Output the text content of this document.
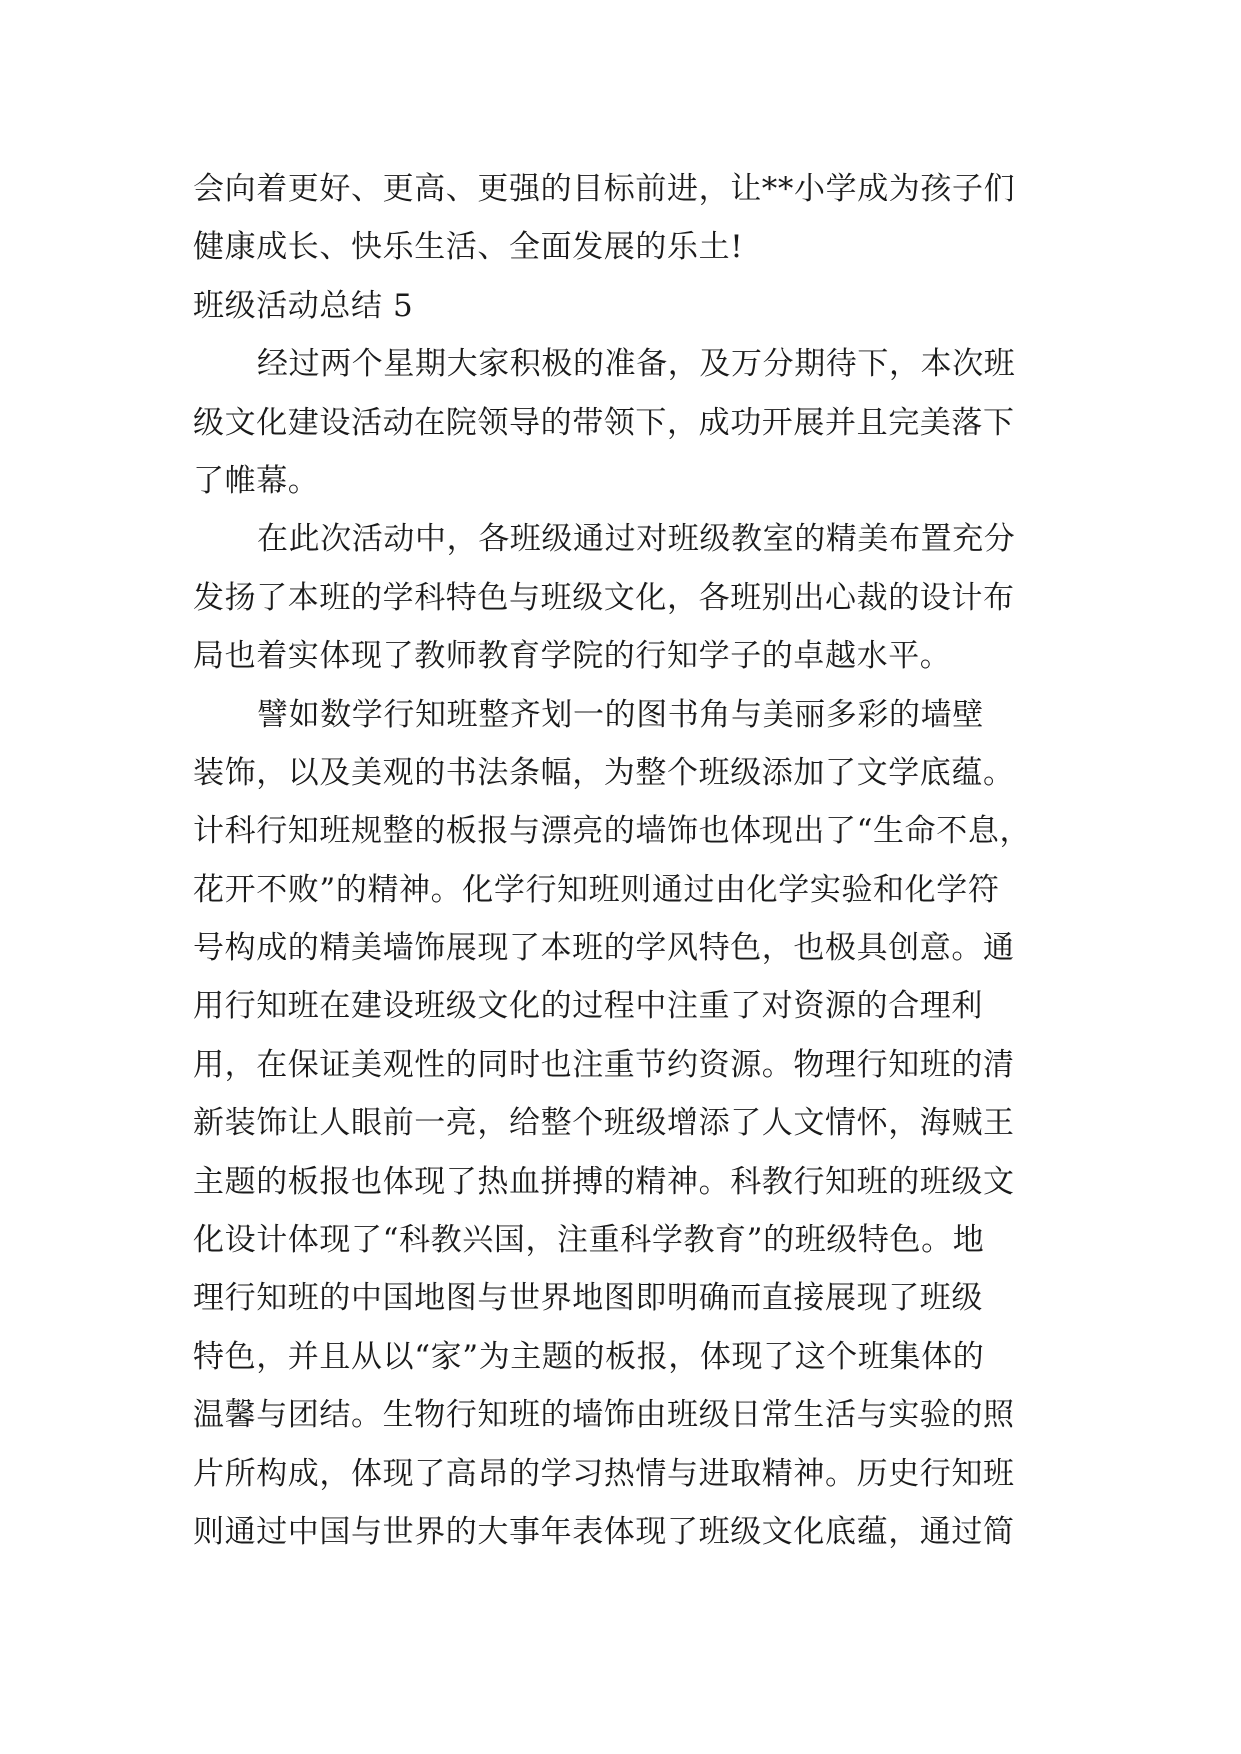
会向着更好、更高、更强的目标前进，让**小学成为孩子们
健康成长、快乐生活、全面发展的乐土!
班级活动总结 5
经过两个星期大家积极的准备，及万分期待下，本次班
级文化建设活动在院领导的带领下，成功开展并且完美落下
了帷幕。
在此次活动中，各班级通过对班级教室的精美布置充分
发扬了本班的学科特色与班级文化，各班别出心裁的设计布
局也着实体现了教师教育学院的行知学子的卓越水平。
譬如数学行知班整齐划一的图书角与美丽多彩的墙壁
装饰，以及美观的书法条幅，为整个班级添加了文学底蕴。
计科行知班规整的板报与漂亮的墙饰也体现出了“生命不息，
花开不败”的精神。化学行知班则通过由化学实验和化学符
号构成的精美墙饰展现了本班的学风特色，也极具创意。通
用行知班在建设班级文化的过程中注重了对资源的合理利
用，在保证美观性的同时也注重节约资源。物理行知班的清
新装饰让人眼前一亮，给整个班级增添了人文情怀，海贼王
主题的板报也体现了热血拼搏的精神。科教行知班的班级文
化设计体现了“科教兴国，注重科学教育”的班级特色。地
理行知班的中国地图与世界地图即明确而直接展现了班级
特色，并且从以“家”为主题的板报，体现了这个班集体的
温馨与团结。生物行知班的墙饰由班级日常生活与实验的照
片所构成，体现了高昂的学习热情与进取精神。历史行知班
则通过中国与世界的大事年表体现了班级文化底蕴，通过简
